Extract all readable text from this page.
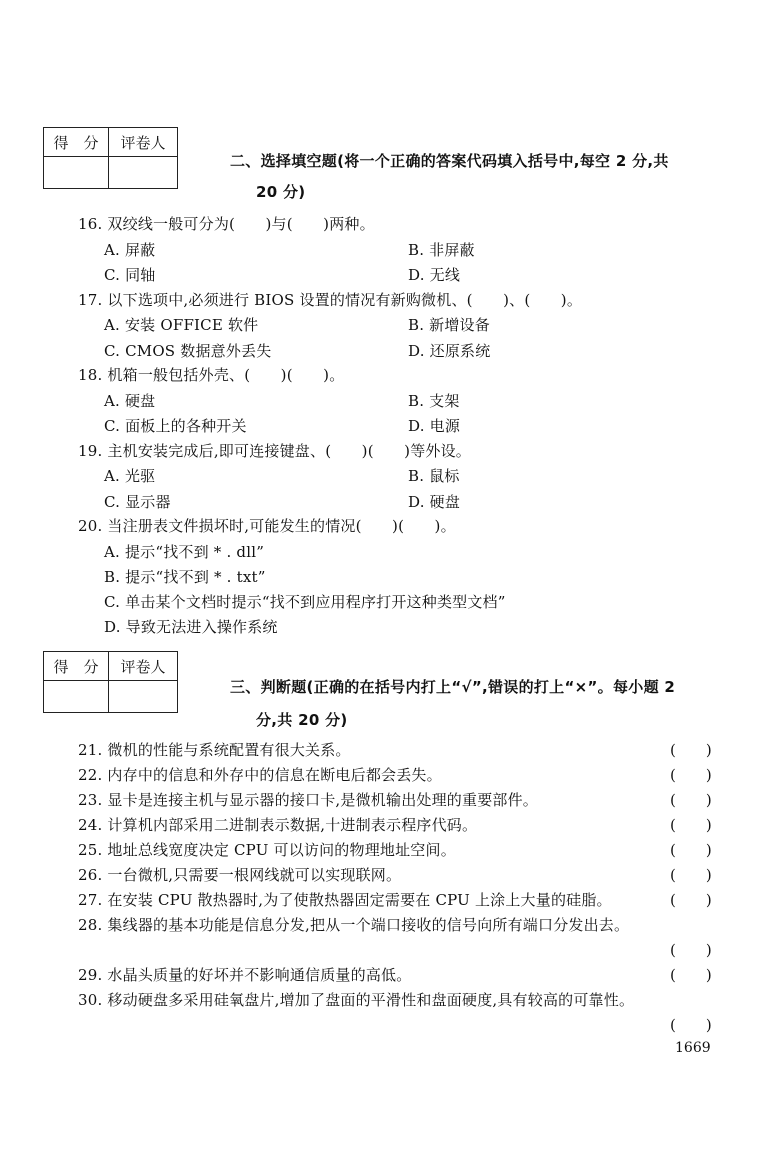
得　分	评卷人

二、选择填空题(将一个正确的答案代码填入括号中,每空 2 分,共
20 分)
16. 双绞线一般可分为(　　)与(　　)两种。
A. 屏蔽	B. 非屏蔽
C. 同轴	D. 无线
17. 以下选项中,必须进行 BIOS 设置的情况有新购微机、(　　)、(　　)。
A. 安装 OFFICE 软件	B. 新增设备
C. CMOS 数据意外丢失	D. 还原系统
18. 机箱一般包括外壳、(　　)(　　)。
A. 硬盘	B. 支架
C. 面板上的各种开关	D. 电源
19. 主机安装完成后,即可连接键盘、(　　)(　　)等外设。
A. 光驱	B. 鼠标
C. 显示器	D. 硬盘
20. 当注册表文件损坏时,可能发生的情况(　　)(　　)。
A. 提示“找不到 * . dll”
B. 提示“找不到 * . txt”
C. 单击某个文档时提示“找不到应用程序打开这种类型文档”
D. 导致无法进入操作系统
得　分	评卷人

三、判断题(正确的在括号内打上“√”,错误的打上“×”。每小题 2
分,共 20 分)
21. 微机的性能与系统配置有很大关系。	(　　)
22. 内存中的信息和外存中的信息在断电后都会丢失。	(　　)
23. 显卡是连接主机与显示器的接口卡,是微机输出处理的重要部件。	(　　)
24. 计算机内部采用二进制表示数据,十进制表示程序代码。	(　　)
25. 地址总线宽度决定 CPU 可以访问的物理地址空间。	(　　)
26. 一台微机,只需要一根网线就可以实现联网。	(　　)
27. 在安装 CPU 散热器时,为了使散热器固定需要在 CPU 上涂上大量的硅脂。	(　　)
28. 集线器的基本功能是信息分发,把从一个端口接收的信号向所有端口分发出去。
(　　)
29. 水晶头质量的好坏并不影响通信质量的高低。	(　　)
30. 移动硬盘多采用硅氧盘片,增加了盘面的平滑性和盘面硬度,具有较高的可靠性。
(　　)
1669
